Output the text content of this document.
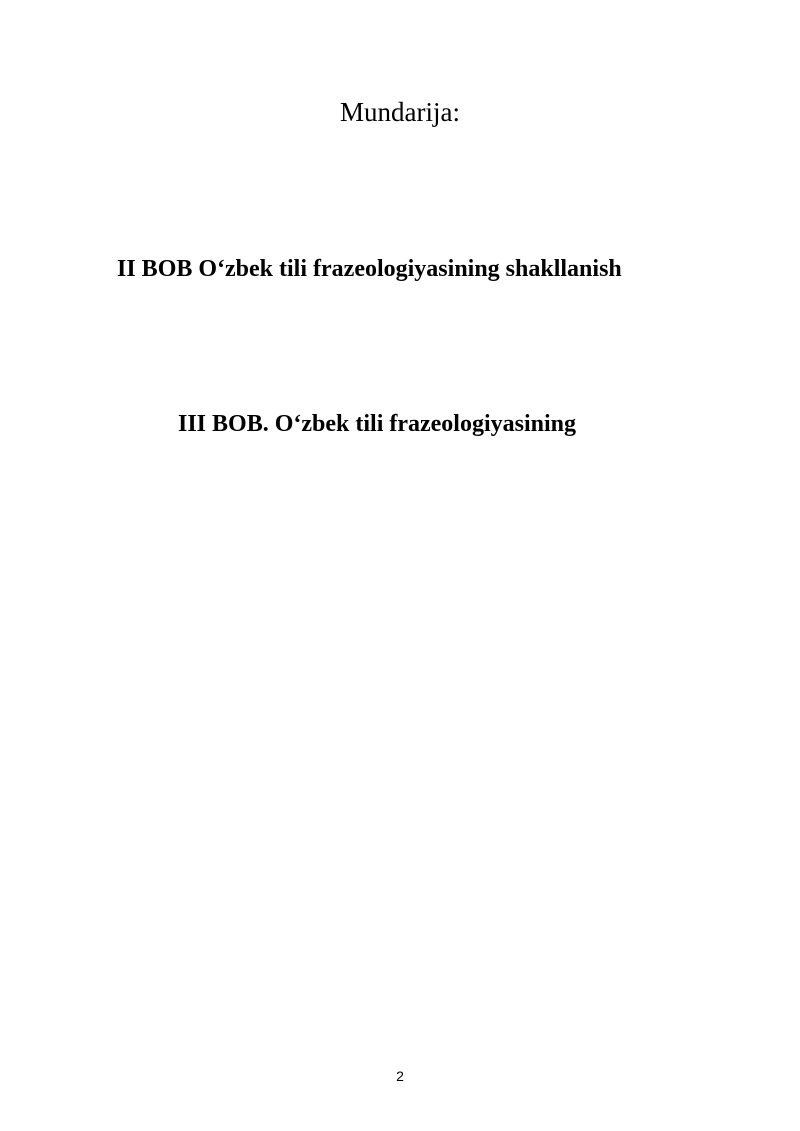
Mundarija:
II BOB O‘zbek tili frazeologiyasining shakllanish
III BOB. O‘zbek tili frazeologiyasining
2
